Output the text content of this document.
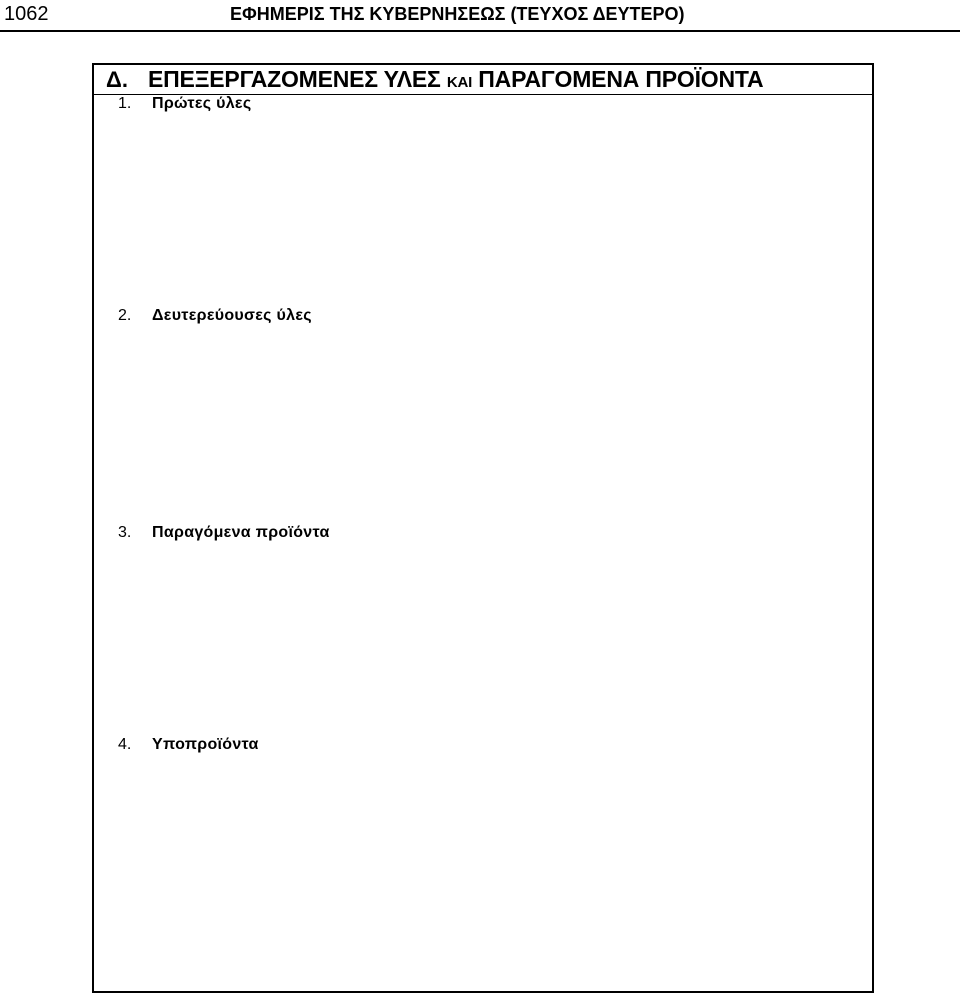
1062	ΕΦΗΜΕΡΙΣ ΤΗΣ ΚΥΒΕΡΝΗΣΕΩΣ (ΤΕΥΧΟΣ ΔΕΥΤΕΡΟ)
Δ. ΕΠΕΞΕΡΓΑΖΟΜΕΝΕΣ ΥΛΕΣ ΚΑΙ ΠΑΡΑΓΟΜΕΝΑ ΠΡΟΪΟΝΤΑ
1. Πρώτες ύλες
2. Δευτερεύουσες ύλες
3. Παραγόμενα προϊόντα
4. Υποπροϊόντα
